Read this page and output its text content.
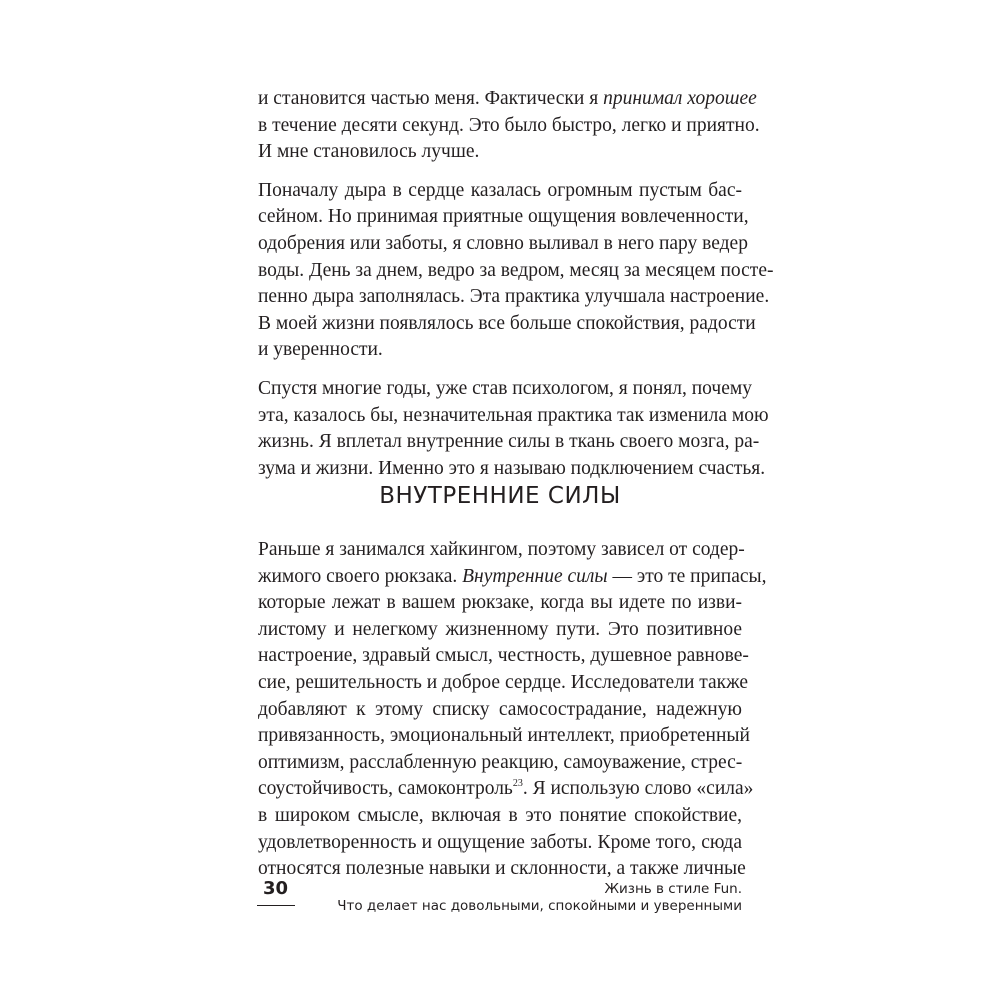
и становится частью меня. Фактически я принимал хорошее
в течение десяти секунд. Это было быстро, легко и приятно.
И мне становилось лучше.
Поначалу дыра в сердце казалась огромным пустым бас-
сейном. Но принимая приятные ощущения вовлеченности,
одобрения или заботы, я словно выливал в него пару ведер
воды. День за днем, ведро за ведром, месяц за месяцем посте-
пенно дыра заполнялась. Эта практика улучшала настроение.
В моей жизни появлялось все больше спокойствия, радости
и уверенности.
Спустя многие годы, уже став психологом, я понял, почему
эта, казалось бы, незначительная практика так изменила мою
жизнь. Я вплетал внутренние силы в ткань своего мозга, ра-
зума и жизни. Именно это я называю подключением счастья.
ВНУТРЕННИЕ СИЛЫ
Раньше я занимался хайкингом, поэтому зависел от содер-
жимого своего рюкзака. Внутренние силы — это те припасы,
которые лежат в вашем рюкзаке, когда вы идете по изви-
листому и нелегкому жизненному пути. Это позитивное
настроение, здравый смысл, честность, душевное равнове-
сие, решительность и доброе сердце. Исследователи также
добавляют к этому списку самосострадание, надежную
привязанность, эмоциональный интеллект, приобретенный
оптимизм, расслабленную реакцию, самоуважение, стрес-
соустойчивость, самоконтроль$^{23}$. Я использую слово «сила»
в широком смысле, включая в это понятие спокойствие,
удовлетворенность и ощущение заботы. Кроме того, сюда
относятся полезные навыки и склонности, а также личные
30	Жизнь в стиле Fun.
Что делает нас довольными, спокойными и уверенными
